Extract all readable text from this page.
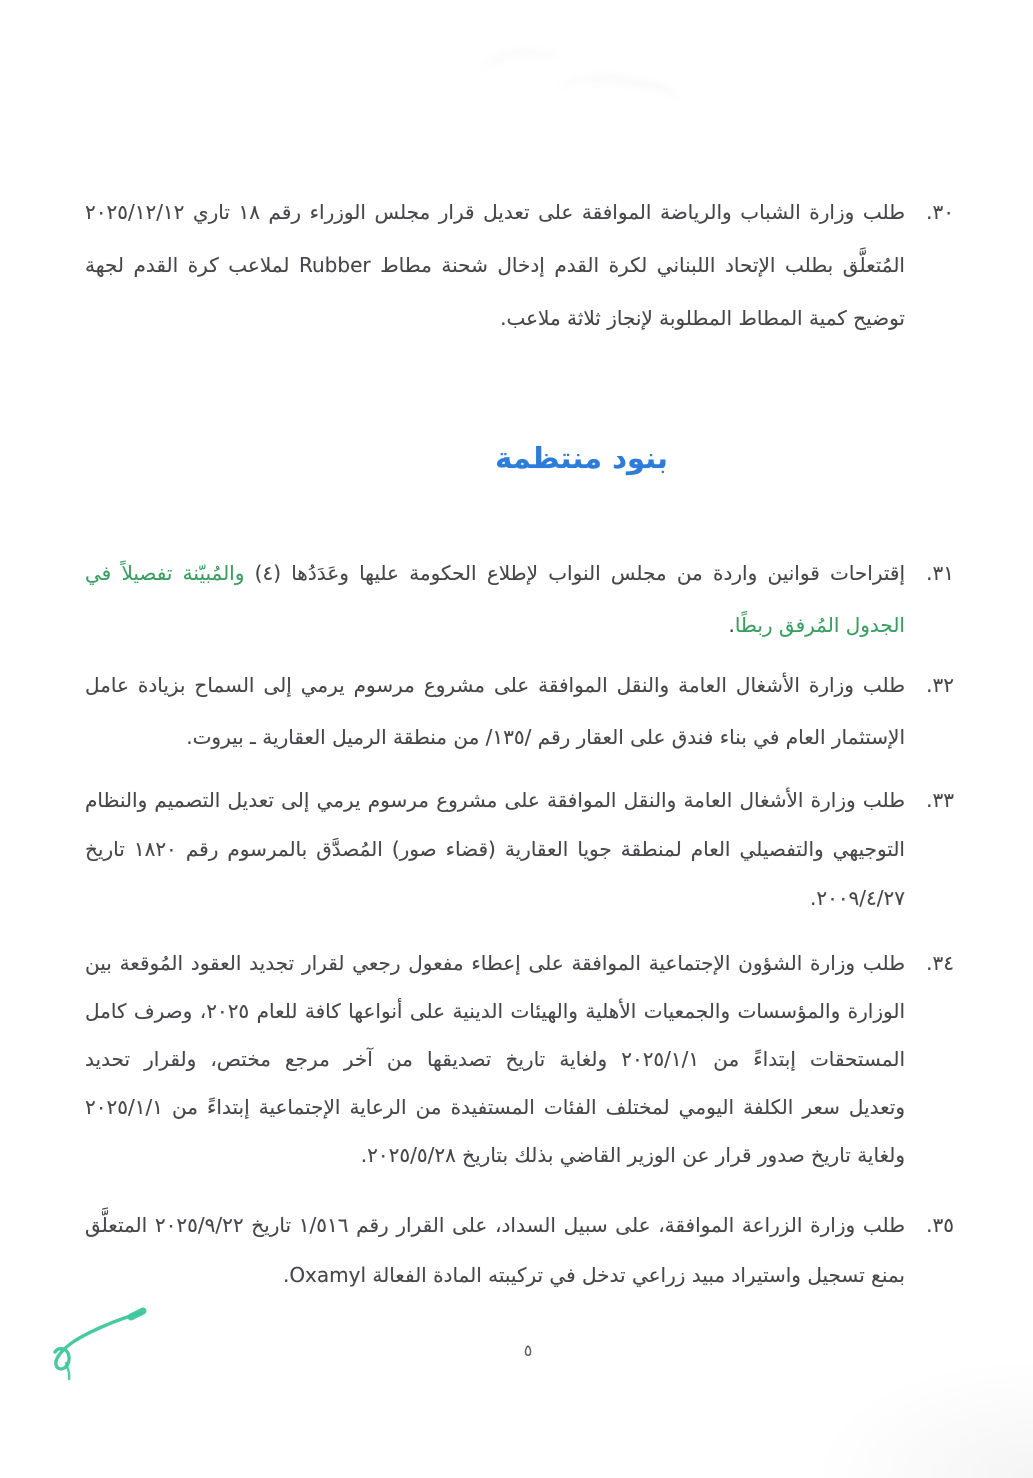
٣٠.
طلب وزارة الشباب والرياضة الموافقة على تعديل قرار مجلس الوزراء رقم ١٨ تاري ٢٠٢٥/١٢/١٢
المُتعلَّق بطلب الإتحاد اللبناني لكرة القدم إدخال شحنة مطاط Rubber لملاعب كرة القدم لجهة
توضيح كمية المطاط المطلوبة لإنجاز ثلاثة ملاعب.
بنود منتظمة
٣١.
إقتراحات قوانين واردة من مجلس النواب لإطلاع الحكومة عليها وعَدَدُها (٤) والمُبيّنة تفصيلاً في
الجدول المُرفق ربطًا.
٣٢.
طلب وزارة الأشغال العامة والنقل الموافقة على مشروع مرسوم يرمي إلى السماح بزيادة عامل
الإستثمار العام في بناء فندق على العقار رقم /١٣٥/ من منطقة الرميل العقارية ـ بيروت.
٣٣.
طلب وزارة الأشغال العامة والنقل الموافقة على مشروع مرسوم يرمي إلى تعديل التصميم والنظام
التوجيهي والتفصيلي العام لمنطقة جويا العقارية (قضاء صور) المُصدَّق بالمرسوم رقم ١٨٢٠ تاريخ
٢٠٠٩/٤/٢٧.
٣٤.
طلب وزارة الشؤون الإجتماعية الموافقة على إعطاء مفعول رجعي لقرار تجديد العقود المُوقعة بين
الوزارة والمؤسسات والجمعيات الأهلية والهيئات الدينية على أنواعها كافة للعام ٢٠٢٥، وصرف كامل
المستحقات إبتداءً من ٢٠٢٥/١/١ ولغاية تاريخ تصديقها من آخر مرجع مختص، ولقرار تحديد
وتعديل سعر الكلفة اليومي لمختلف الفئات المستفيدة من الرعاية الإجتماعية إبتداءً من ٢٠٢٥/١/١
ولغاية تاريخ صدور قرار عن الوزير القاضي بذلك بتاريخ ٢٠٢٥/٥/٢٨.
٣٥.
طلب وزارة الزراعة الموافقة، على سبيل السداد، على القرار رقم ١/٥١٦ تاريخ ٢٠٢٥/٩/٢٢ المتعلَّق
بمنع تسجيل واستيراد مبيد زراعي تدخل في تركيبته المادة الفعالة Oxamyl.
٥
